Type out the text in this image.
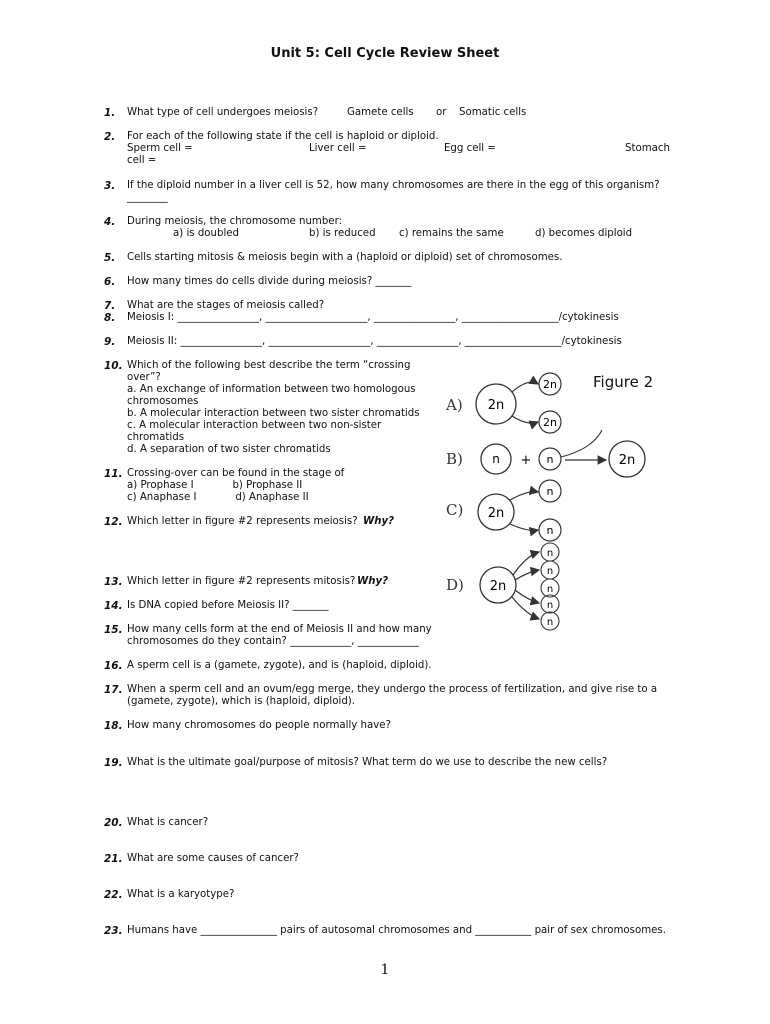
Unit 5: Cell Cycle Review Sheet
1. What type of cell undergoes meiosis?	Gamete cells or Somatic cells
2. For each of the following state if the cell is haploid or diploid.
Sperm cell =	Liver cell =	Egg cell =	Stomach
cell =
3. If the diploid number in a liver cell is 52, how many chromosomes are there in the egg of this organism?
________
4. During meiosis, the chromosome number:
a) is doubled	b) is reduced c) remains the same	d) becomes diploid
5. Cells starting mitosis & meiosis begin with a (haploid or diploid) set of chromosomes.
6. How many times do cells divide during meiosis? _______
7. What are the stages of meiosis called?
8. Meiosis I: ________________, ____________________, ________________, ___________________/cytokinesis
9. Meiosis II: ________________, ____________________, ________________, ___________________/cytokinesis
10. Which of the following best describe the term “crossing
over”?
a. An exchange of information between two homologous
chromosomes
b. A molecular interaction between two sister chromatids
c. A molecular interaction between two non-sister
chromatids
d. A separation of two sister chromatids
11. Crossing-over can be found in the stage of
a) Prophase I            b) Prophase II
c) Anaphase I            d) Anaphase II
12. Which letter in figure #2 represents meiosis? Why?
13. Which letter in figure #2 represents mitosis? Why?
14. Is DNA copied before Meiosis II? _______
15. How many cells form at the end of Meiosis II and how many
chromosomes do they contain? ____________, ____________
16. A sperm cell is a (gamete, zygote), and is (haploid, diploid).
17. When a sperm cell and an ovum/egg merge, they undergo the process of fertilization, and give rise to a
(gamete, zygote), which is (haploid, diploid).
18. How many chromosomes do people normally have?
19. What is the ultimate goal/purpose of mitosis? What term do we use to describe the new cells?
20. What is cancer?
21. What are some causes of cancer?
22. What is a karyotype?
23. Humans have _______________ pairs of autosomal chromosomes and ___________ pair of sex chromosomes.
Figure 2
A) 2n
2n
2n
B) n + n	2n
C) 2n
n
n
D) 2n
n
n
n
n
n
1
